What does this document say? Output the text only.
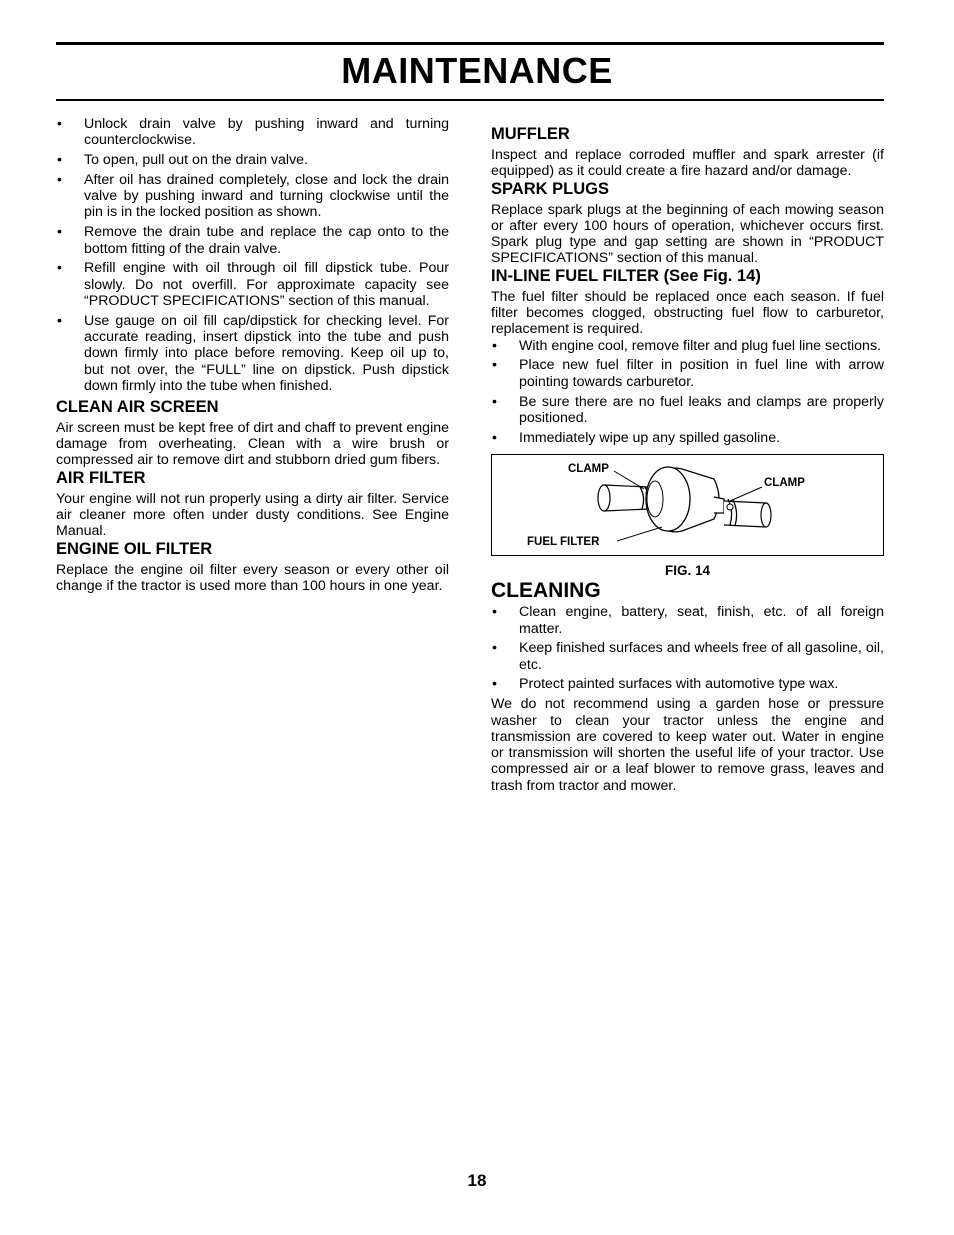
MAINTENANCE
• Unlock drain valve by pushing inward and turning counterclockwise.
• To open, pull out on the drain valve.
• After oil has drained completely, close and lock the drain valve by pushing inward and turning clockwise until the pin is in the locked position as shown.
• Remove the drain tube and replace the cap onto to the bottom fitting of the drain valve.
• Refill engine with oil through oil fill dipstick tube. Pour slowly. Do not overfill. For approximate capacity see “PRODUCT SPECIFICATIONS” section of this manual.
• Use gauge on oil fill cap/dipstick for checking level. For accurate reading, insert dipstick into the tube and push down firmly into place before removing. Keep oil up to, but not over, the “FULL” line on dipstick. Push dipstick down firmly into the tube when finished.
CLEAN AIR SCREEN

Air screen must be kept free of dirt and chaff to prevent engine damage from overheating. Clean with a wire brush or compressed air to remove dirt and stubborn dried gum fibers.

AIR FILTER

Your engine will not run properly using a dirty air filter. Service air cleaner more often under dusty conditions. See Engine Manual.

ENGINE OIL FILTER

Replace the engine oil filter every season or every other oil change if the tractor is used more than 100 hours in one year.

MUFFLER

Inspect and replace corroded muffler and spark arrester (if equipped) as it could create a fire hazard and/or damage.

SPARK PLUGS

Replace spark plugs at the beginning of each mowing season or after every 100 hours of operation, whichever occurs first. Spark plug type and gap setting are shown in “PRODUCT SPECIFICATIONS” section of this manual.

IN-LINE FUEL FILTER (See Fig. 14)

The fuel filter should be replaced once each season. If fuel filter becomes clogged, obstructing fuel flow to carburetor, replacement is required.

• With engine cool, remove filter and plug fuel line sections.
• Place new fuel filter in position in fuel line with arrow pointing towards carburetor.
• Be sure there are no fuel leaks and clamps are properly positioned.
• Immediately wipe up any spilled gasoline.
CLAMP
CLAMP
FUEL FILTER
FIG. 14
CLEANING
• Clean engine, battery, seat, finish, etc. of all foreign matter.
• Keep finished surfaces and wheels free of all gasoline, oil, etc.
• Protect painted surfaces with automotive type wax.

We do not recommend using a garden hose or pressure washer to clean your tractor unless the engine and transmission are covered to keep water out. Water in engine or transmission will shorten the useful life of your tractor. Use compressed air or a leaf blower to remove grass, leaves and trash from tractor and mower.

18
